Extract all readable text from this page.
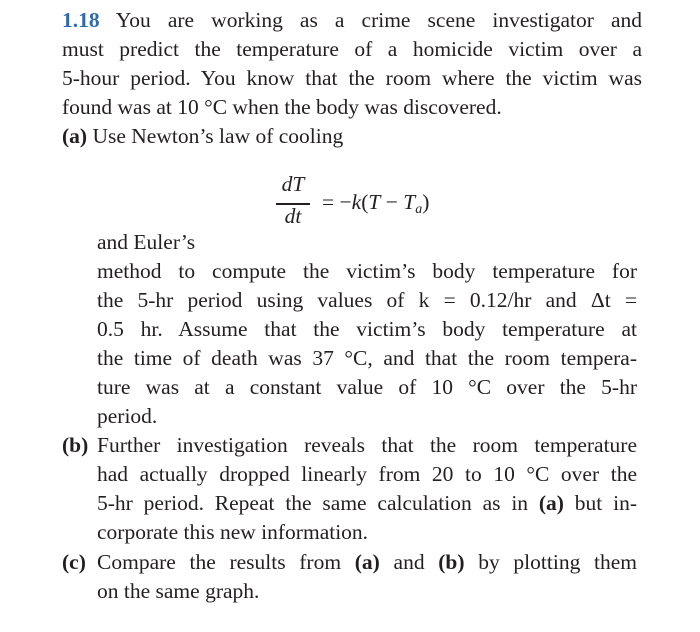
1.18 You are working as a crime scene investigator and
must predict the temperature of a homicide victim over a
5-hour period. You know that the room where the victim was
found was at 10 °C when the body was discovered.
(a) Use Newton’s law of cooling
dT
dt
= $-k(T - T_a)$
and Euler’s
method to compute the victim’s body temperature for
the 5-hr period using values of k = 0.12/hr and Δt =
0.5 hr. Assume that the victim’s body temperature at
the time of death was 37 °C, and that the room tempera-
ture was at a constant value of 10 °C over the 5-hr
period.
(b) Further investigation reveals that the room temperature
had actually dropped linearly from 20 to 10 °C over the
5-hr period. Repeat the same calculation as in (a) but in-
corporate this new information.
(c) Compare the results from (a) and (b) by plotting them
on the same graph.
